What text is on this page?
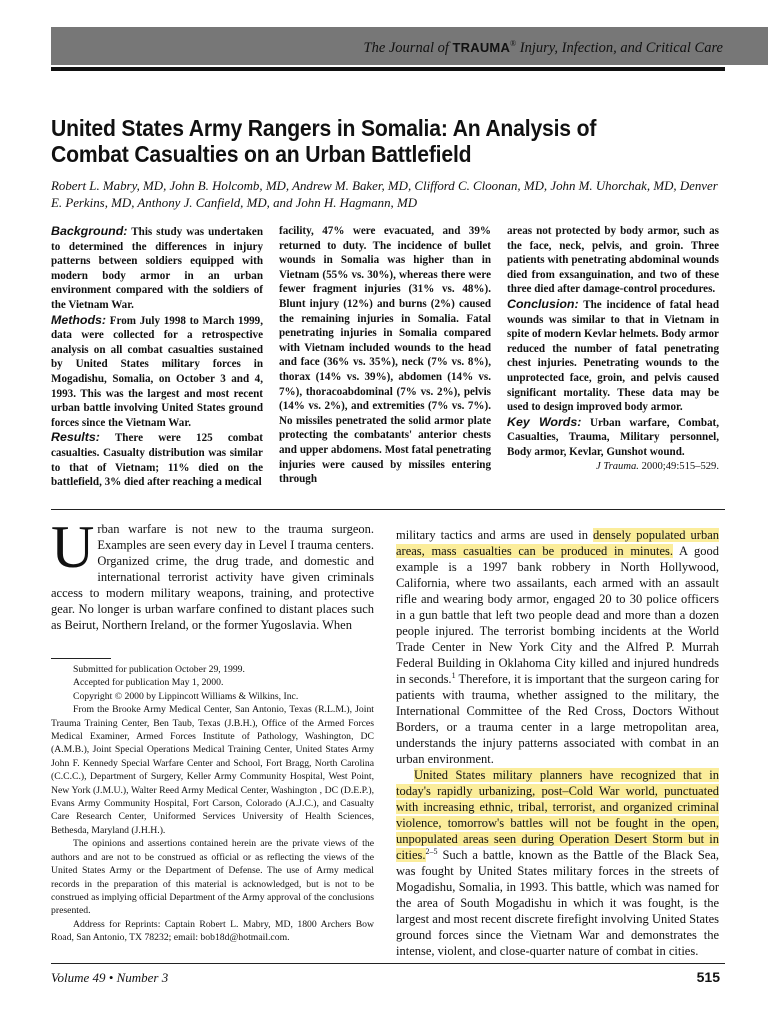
The Journal of TRAUMA® Injury, Infection, and Critical Care
United States Army Rangers in Somalia: An Analysis of Combat Casualties on an Urban Battlefield

Robert L. Mabry, MD, John B. Holcomb, MD, Andrew M. Baker, MD, Clifford C. Cloonan, MD, John M. Uhorchak, MD, Denver E. Perkins, MD, Anthony J. Canfield, MD, and John H. Hagmann, MD

Background: This study was undertaken to determined the differences in injury patterns between soldiers equipped with modern body armor in an urban environment compared with the soldiers of the Vietnam War.
Methods: From July 1998 to March 1999, data were collected for a retrospective analysis on all combat casualties sustained by United States military forces in Mogadishu, Somalia, on October 3 and 4, 1993. This was the largest and most recent urban battle involving United States ground forces since the Vietnam War.
Results: There were 125 combat casualties. Casualty distribution was similar to that of Vietnam; 11% died on the battlefield, 3% died after reaching a medical

facility, 47% were evacuated, and 39% returned to duty. The incidence of bullet wounds in Somalia was higher than in Vietnam (55% vs. 30%), whereas there were fewer fragment injuries (31% vs. 48%). Blunt injury (12%) and burns (2%) caused the remaining injuries in Somalia. Fatal penetrating injuries in Somalia compared with Vietnam included wounds to the head and face (36% vs. 35%), neck (7% vs. 8%), thorax (14% vs. 39%), abdomen (14% vs. 7%), thoracoabdominal (7% vs. 2%), pelvis (14% vs. 2%), and extremities (7% vs. 7%). No missiles penetrated the solid armor plate protecting the combatants' anterior chests and upper abdomens. Most fatal penetrating injuries were caused by missiles entering through

areas not protected by body armor, such as the face, neck, pelvis, and groin. Three patients with penetrating abdominal wounds died from exsanguination, and two of these three died after damage-control procedures.
Conclusion: The incidence of fatal head wounds was similar to that in Vietnam in spite of modern Kevlar helmets. Body armor reduced the number of fatal penetrating chest injuries. Penetrating wounds to the unprotected face, groin, and pelvis caused significant mortality. These data may be used to design improved body armor.
Key Words: Urban warfare, Combat, Casualties, Trauma, Military personnel, Body armor, Kevlar, Gunshot wound.
J Trauma. 2000;49:515–529.

Urban warfare is not new to the trauma surgeon. Examples are seen every day in Level I trauma centers. Organized crime, the drug trade, and domestic and international terrorist activity have given criminals access to modern military weapons, training, and protective gear. No longer is urban warfare confined to distant places such as Beirut, Northern Ireland, or the former Yugoslavia. When

Submitted for publication October 29, 1999.

Accepted for publication May 1, 2000.

Copyright © 2000 by Lippincott Williams & Wilkins, Inc.

From the Brooke Army Medical Center, San Antonio, Texas (R.L.M.), Joint Trauma Training Center, Ben Taub, Texas (J.B.H.), Office of the Armed Forces Medical Examiner, Armed Forces Institute of Pathology, Washington, DC (A.M.B.), Joint Special Operations Medical Training Center, United States Army John F. Kennedy Special Warfare Center and School, Fort Bragg, North Carolina (C.C.C.), Department of Surgery, Keller Army Community Hospital, West Point, New York (J.M.U.), Walter Reed Army Medical Center, Washington , DC (D.E.P.), Evans Army Community Hospital, Fort Carson, Colorado (A.J.C.), and Casualty Care Research Center, Uniformed Services University of Health Sciences, Bethesda, Maryland (J.H.H.).

The opinions and assertions contained herein are the private views of the authors and are not to be construed as official or as reflecting the views of the United States Army or the Department of Defense. The use of Army medical records in the preparation of this material is acknowledged, but is not to be construed as implying official Department of the Army approval of the conclusions presented.

Address for Reprints: Captain Robert L. Mabry, MD, 1800 Archers Bow Road, San Antonio, TX 78232; email: bob18d@hotmail.com.

military tactics and arms are used in densely populated urban areas, mass casualties can be produced in minutes. A good example is a 1997 bank robbery in North Hollywood, California, where two assailants, each armed with an assault rifle and wearing body armor, engaged 20 to 30 police officers in a gun battle that left two people dead and more than a dozen people injured. The terrorist bombing incidents at the World Trade Center in New York City and the Alfred P. Murrah Federal Building in Oklahoma City killed and injured hundreds in seconds.$^1$ Therefore, it is important that the surgeon caring for patients with trauma, whether assigned to the military, the International Committee of the Red Cross, Doctors Without Borders, or a trauma center in a large metropolitan area, understands the injury patterns associated with combat in an urban environment.

United States military planners have recognized that in today's rapidly urbanizing, post–Cold War world, punctuated with increasing ethnic, tribal, terrorist, and organized criminal violence, tomorrow's battles will not be fought in the open, unpopulated areas seen during Operation Desert Storm but in cities.$^{2-5}$ Such a battle, known as the Battle of the Black Sea, was fought by United States military forces in the streets of Mogadishu, Somalia, in 1993. This battle, which was named for the area of South Mogadishu in which it was fought, is the largest and most recent discrete firefight involving United States ground forces since the Vietnam War and demonstrates the intense, violent, and close-quarter nature of combat in cities.

Volume 49 • Number 3	515
